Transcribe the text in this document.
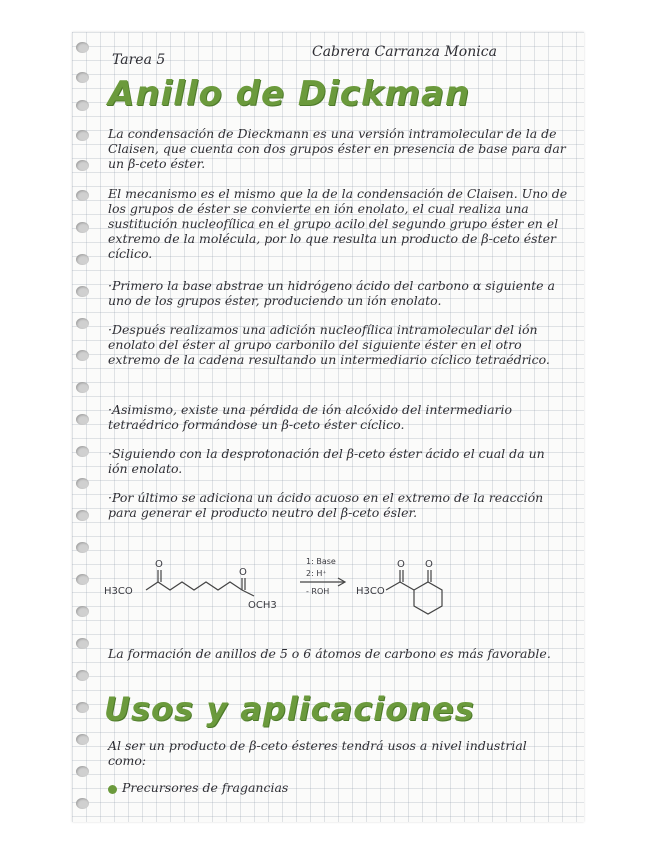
Tarea 5	Cabrera Carranza Monica
Anillo de Dickman

La condensación de Dieckmann es una versión intramolecular de la de Claisen, que cuenta con dos grupos éster en presencia de base para dar un β-ceto éster.

El mecanismo es el mismo que la de la condensación de Claisen. Uno de los grupos de éster se convierte en ión enolato, el cual realiza una sustitución nucleofílica en el grupo acilo del segundo grupo éster en el extremo de la molécula, por lo que resulta un producto de β-ceto éster cíclico.

·Primero la base abstrae un hidrógeno ácido del carbono α siguiente a uno de los grupos éster, produciendo un ión enolato.

·Después realizamos una adición nucleofílica intramolecular del ión enolato del éster al grupo carbonilo del siguiente éster en el otro extremo de la cadena resultando un intermediario cíclico tetraédrico.

·Asimismo, existe una pérdida de ión alcóxido del intermediario tetraédrico formándose un β-ceto éster cíclico.

·Siguiendo con la desprotonación del β-ceto éster ácido el cual da un ión enolato.

·Por último se adiciona un ácido acuoso en el extremo de la reacción para generar el producto neutro del β-ceto ésler.

H3CO
OCH3
O
O
1: Base
2: H⁺
- ROH	H3CO
O O

La formación de anillos de 5 o 6 átomos de carbono es más favorable.

Usos y aplicaciones

Al ser un producto de β-ceto ésteres tendrá usos a nivel industrial como:

Precursores de fragancias
